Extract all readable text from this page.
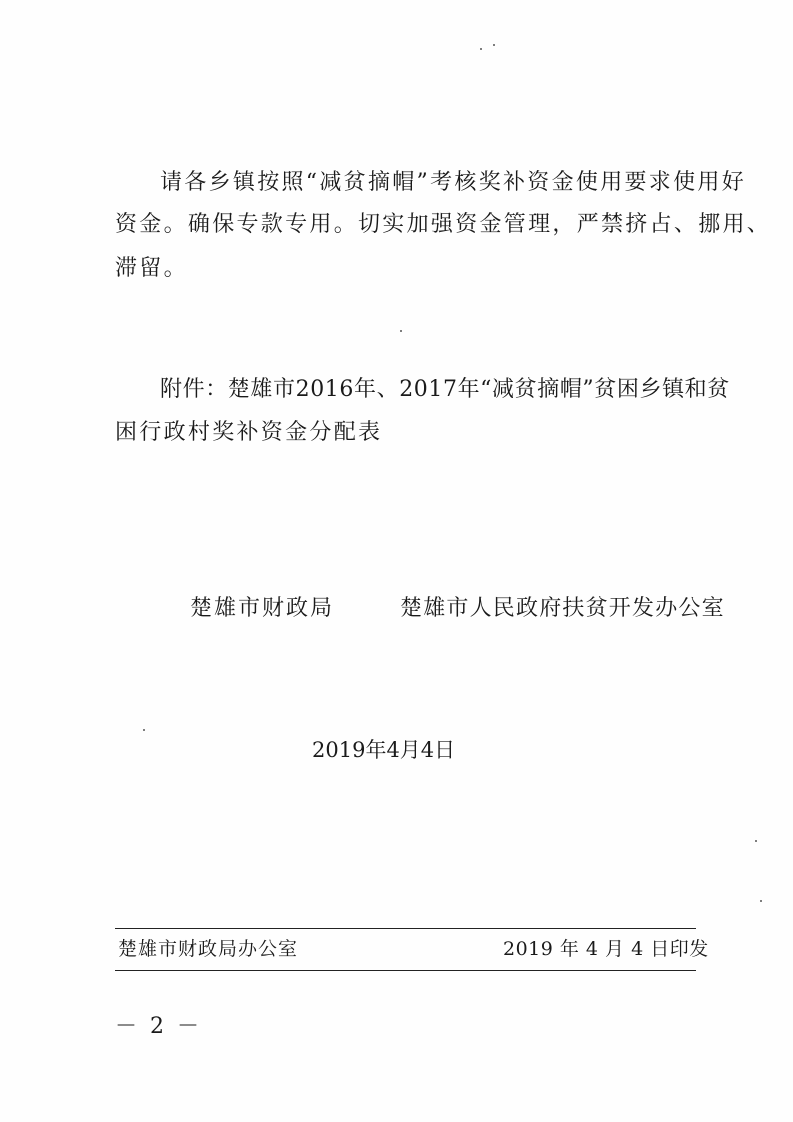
请各乡镇按照“减贫摘帽”考核奖补资金使用要求使用好
资金。确保专款专用。切实加强资金管理，严禁挤占、挪用、
滞留。
附件：楚雄市2016年、2017年“减贫摘帽”贫困乡镇和贫
困行政村奖补资金分配表
楚雄市财政局	楚雄市人民政府扶贫开发办公室
2019年4月4日
楚雄市财政局办公室	2019 年 4 月 4 日印发
－ 2 －
